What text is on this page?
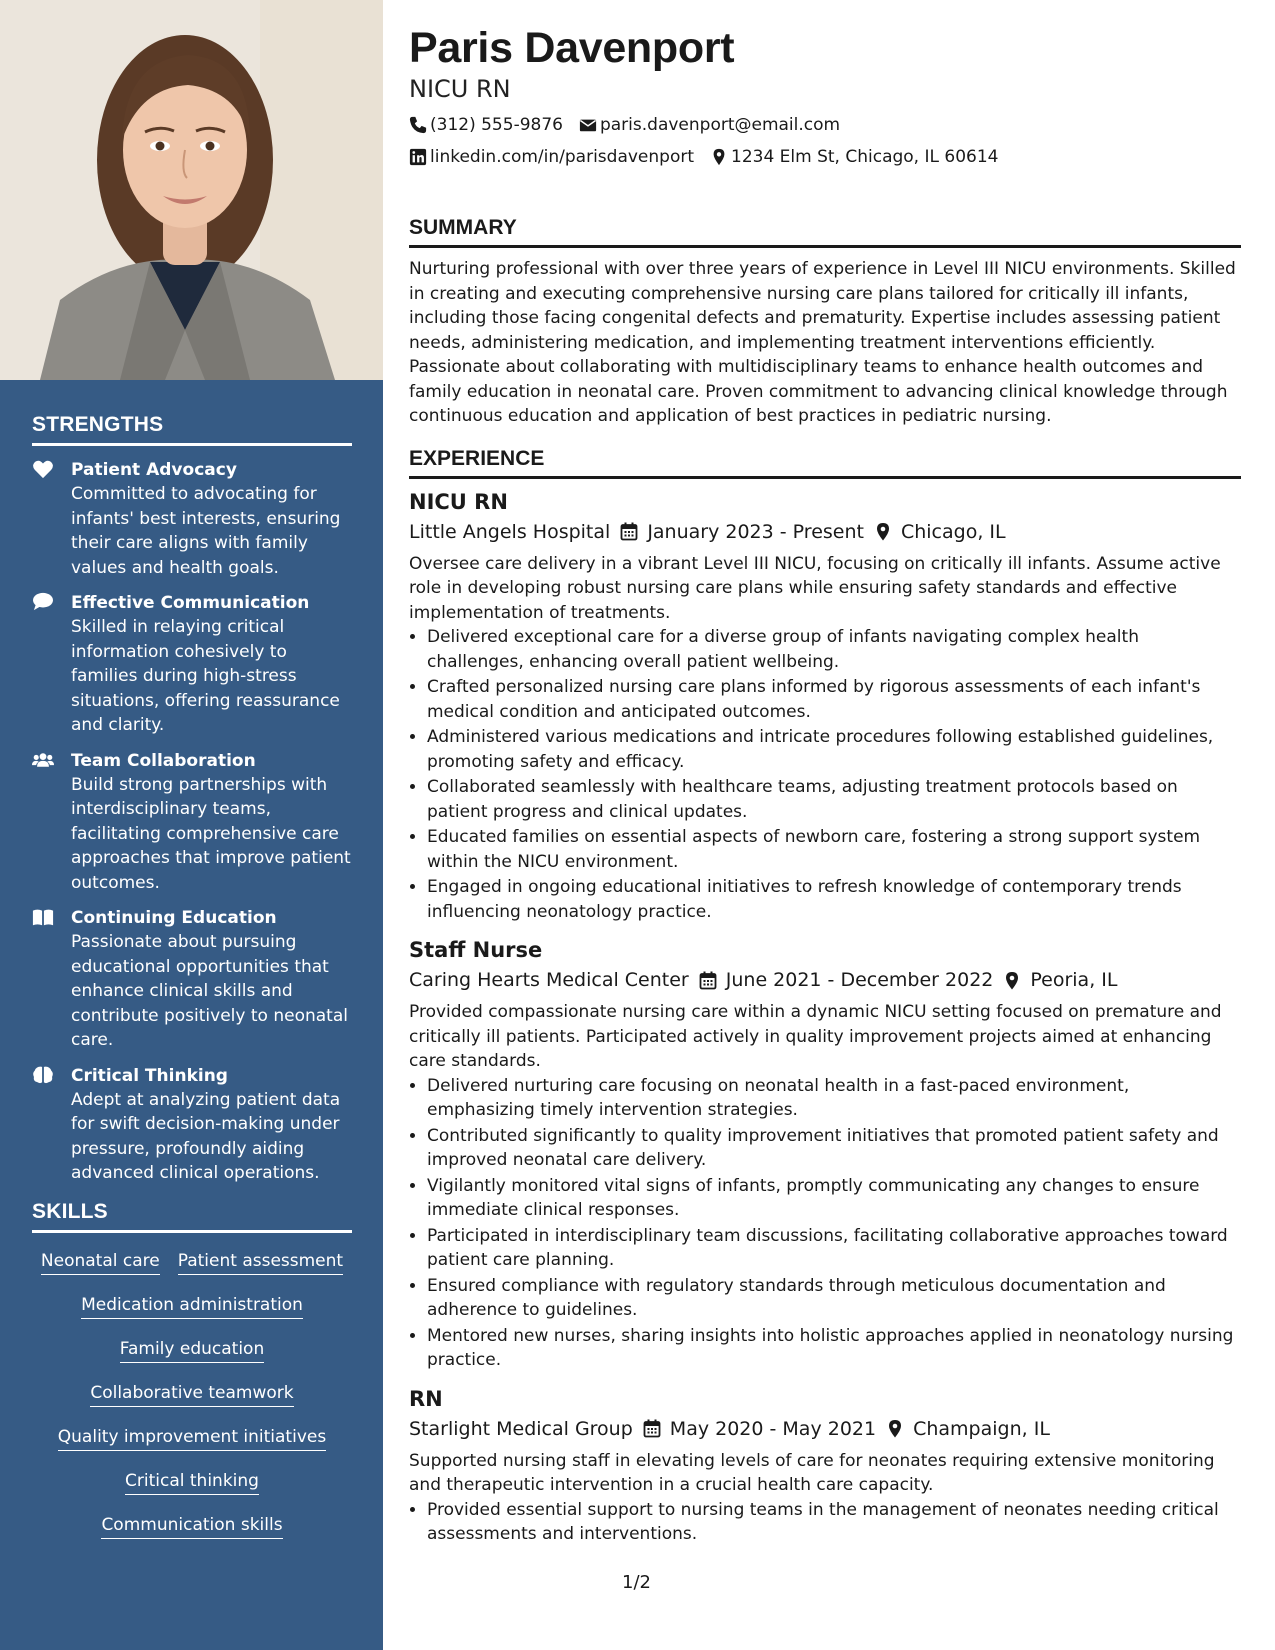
STRENGTHS
Patient Advocacy
Committed to advocating for infants' best interests, ensuring their care aligns with family values and health goals.
Effective Communication
Skilled in relaying critical information cohesively to families during high-stress situations, offering reassurance and clarity.
Team Collaboration
Build strong partnerships with interdisciplinary teams, facilitating comprehensive care approaches that improve patient outcomes.
Continuing Education
Passionate about pursuing educational opportunities that enhance clinical skills and contribute positively to neonatal care.
Critical Thinking
Adept at analyzing patient data for swift decision-making under pressure, profoundly aiding advanced clinical operations.
SKILLS
Neonatal care Patient assessment
Medication administration
Family education
Collaborative teamwork
Quality improvement initiatives
Critical thinking
Communication skills
Paris Davenport
NICU RN
(312) 555-9876 paris.davenport@email.com
linkedin.com/in/parisdavenport 1234 Elm St, Chicago, IL 60614
SUMMARY
Nurturing professional with over three years of experience in Level III NICU environments. Skilled in creating and executing comprehensive nursing care plans tailored for critically ill infants, including those facing congenital defects and prematurity. Expertise includes assessing patient needs, administering medication, and implementing treatment interventions efficiently. Passionate about collaborating with multidisciplinary teams to enhance health outcomes and family education in neonatal care. Proven commitment to advancing clinical knowledge through continuous education and application of best practices in pediatric nursing.
EXPERIENCE
NICU RN
Little Angels Hospital January 2023 - Present Chicago, IL
Oversee care delivery in a vibrant Level III NICU, focusing on critically ill infants. Assume active role in developing robust nursing care plans while ensuring safety standards and effective implementation of treatments.
• Delivered exceptional care for a diverse group of infants navigating complex health challenges, enhancing overall patient wellbeing.
• Crafted personalized nursing care plans informed by rigorous assessments of each infant's medical condition and anticipated outcomes.
• Administered various medications and intricate procedures following established guidelines, promoting safety and efficacy.
• Collaborated seamlessly with healthcare teams, adjusting treatment protocols based on patient progress and clinical updates.
• Educated families on essential aspects of newborn care, fostering a strong support system within the NICU environment.
• Engaged in ongoing educational initiatives to refresh knowledge of contemporary trends influencing neonatology practice.
Staff Nurse
Caring Hearts Medical Center June 2021 - December 2022 Peoria, IL
Provided compassionate nursing care within a dynamic NICU setting focused on premature and critically ill patients. Participated actively in quality improvement projects aimed at enhancing care standards.
• Delivered nurturing care focusing on neonatal health in a fast-paced environment, emphasizing timely intervention strategies.
• Contributed significantly to quality improvement initiatives that promoted patient safety and improved neonatal care delivery.
• Vigilantly monitored vital signs of infants, promptly communicating any changes to ensure immediate clinical responses.
• Participated in interdisciplinary team discussions, facilitating collaborative approaches toward patient care planning.
• Ensured compliance with regulatory standards through meticulous documentation and adherence to guidelines.
• Mentored new nurses, sharing insights into holistic approaches applied in neonatology nursing practice.
RN
Starlight Medical Group May 2020 - May 2021 Champaign, IL
Supported nursing staff in elevating levels of care for neonates requiring extensive monitoring and therapeutic intervention in a crucial health care capacity.
• Provided essential support to nursing teams in the management of neonates needing critical assessments and interventions.
1/2
